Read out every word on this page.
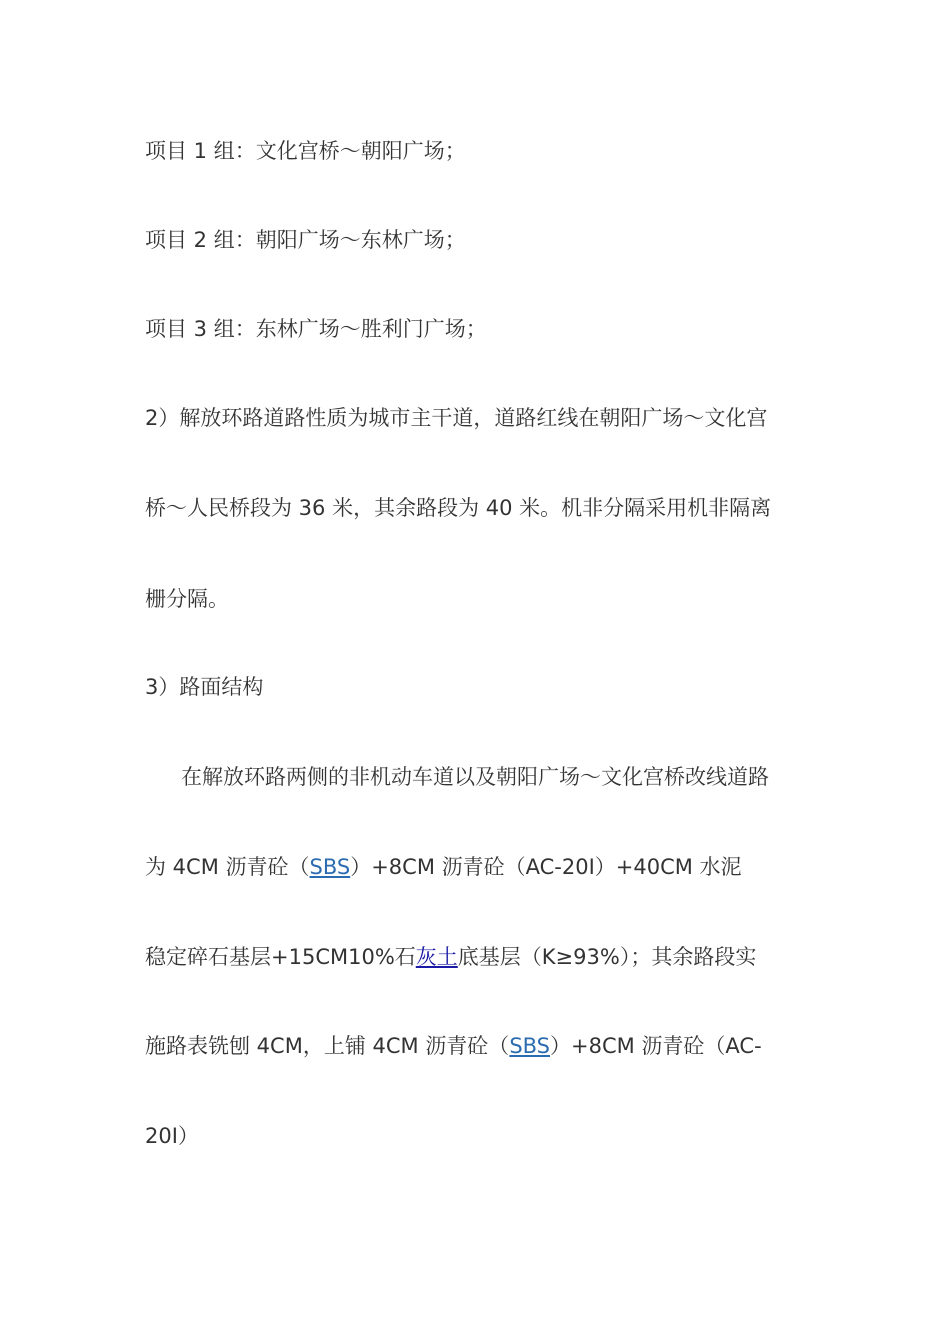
项目 1 组：文化宫桥～朝阳广场；
项目 2 组：朝阳广场～东林广场；
项目 3 组：东林广场～胜利门广场；
2）解放环路道路性质为城市主干道，道路红线在朝阳广场～文化宫
桥～人民桥段为 36 米，其余路段为 40 米。机非分隔采用机非隔离
栅分隔。
3）路面结构
在解放环路两侧的非机动车道以及朝阳广场～文化宫桥改线道路
为 4CM 沥青砼（SBS）+8CM 沥青砼（AC-20Ⅰ）+40CM 水泥
稳定碎石基层+15CM10%石灰土底基层（K≥93%）；其余路段实
施路表铣刨 4CM，上铺 4CM 沥青砼（SBS）+8CM 沥青砼（AC-
20Ⅰ）
